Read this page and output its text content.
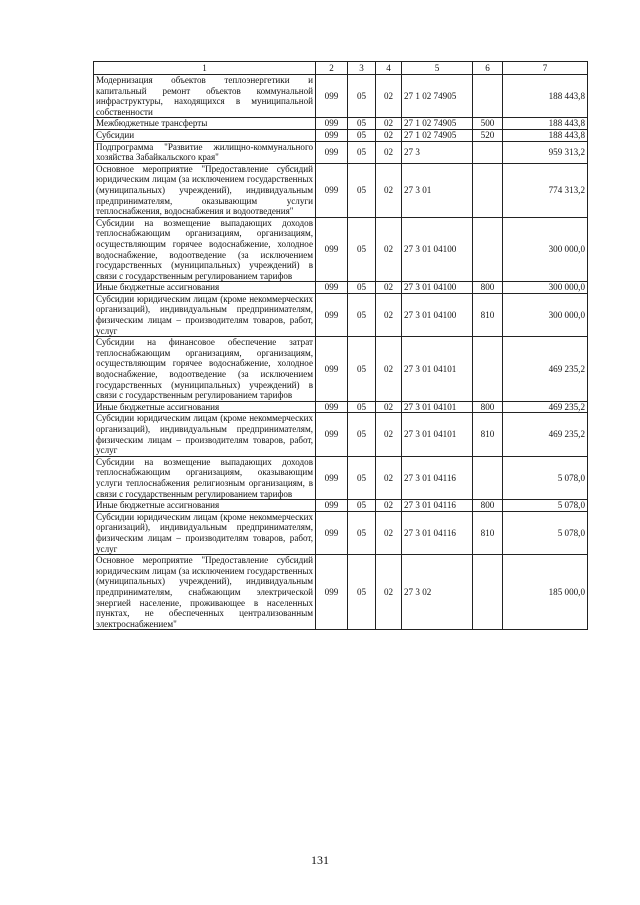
1	2	3	4	5	6	7
Модернизация объектов теплоэнергетики и капитальный ремонт объектов коммунальной инфраструктуры, находящихся в муниципальной собственности	099	05	02	27 1 02 74905		188 443,8
Межбюджетные трансферты	099	05	02	27 1 02 74905	500	188 443,8
Субсидии	099	05	02	27 1 02 74905	520	188 443,8
Подпрограмма "Развитие жилищно-коммунального хозяйства Забайкальского края"	099	05	02	27 3		959 313,2
Основное мероприятие "Предоставление субсидий юридическим лицам (за исключением государственных (муниципальных) учреждений), индивидуальным предпринимателям, оказывающим услуги теплоснабжения, водоснабжения и водоотведения"	099	05	02	27 3 01		774 313,2
Субсидии на возмещение выпадающих доходов теплоснабжающим организациям, организациям, осуществляющим горячее водоснабжение, холодное водоснабжение, водоотведение (за исключением государственных (муниципальных) учреждений) в связи с государственным регулированием тарифов	099	05	02	27 3 01 04100		300 000,0
Иные бюджетные ассигнования	099	05	02	27 3 01 04100	800	300 000,0
Субсидии юридическим лицам (кроме некоммерческих организаций), индивидуальным предпринимателям, физическим лицам – производителям товаров, работ, услуг	099	05	02	27 3 01 04100	810	300 000,0
Субсидии на финансовое обеспечение затрат теплоснабжающим организациям, организациям, осуществляющим горячее водоснабжение, холодное водоснабжение, водоотведение (за исключением государственных (муниципальных) учреждений) в связи с государственным регулированием тарифов	099	05	02	27 3 01 04101		469 235,2
Иные бюджетные ассигнования	099	05	02	27 3 01 04101	800	469 235,2
Субсидии юридическим лицам (кроме некоммерческих организаций), индивидуальным предпринимателям, физическим лицам – производителям товаров, работ, услуг	099	05	02	27 3 01 04101	810	469 235,2
Субсидии на возмещение выпадающих доходов теплоснабжающим организациям, оказывающим услуги теплоснабжения религиозным организациям, в связи с государственным регулированием тарифов	099	05	02	27 3 01 04116		5 078,0
Иные бюджетные ассигнования	099	05	02	27 3 01 04116	800	5 078,0
Субсидии юридическим лицам (кроме некоммерческих организаций), индивидуальным предпринимателям, физическим лицам – производителям товаров, работ, услуг	099	05	02	27 3 01 04116	810	5 078,0
Основное мероприятие "Предоставление субсидий юридическим лицам (за исключением государственных (муниципальных) учреждений), индивидуальным предпринимателям, снабжающим электрической энергией население, проживающее в населенных пунктах, не обеспеченных централизованным электроснабжением"	099	05	02	27 3 02		185 000,0
131
